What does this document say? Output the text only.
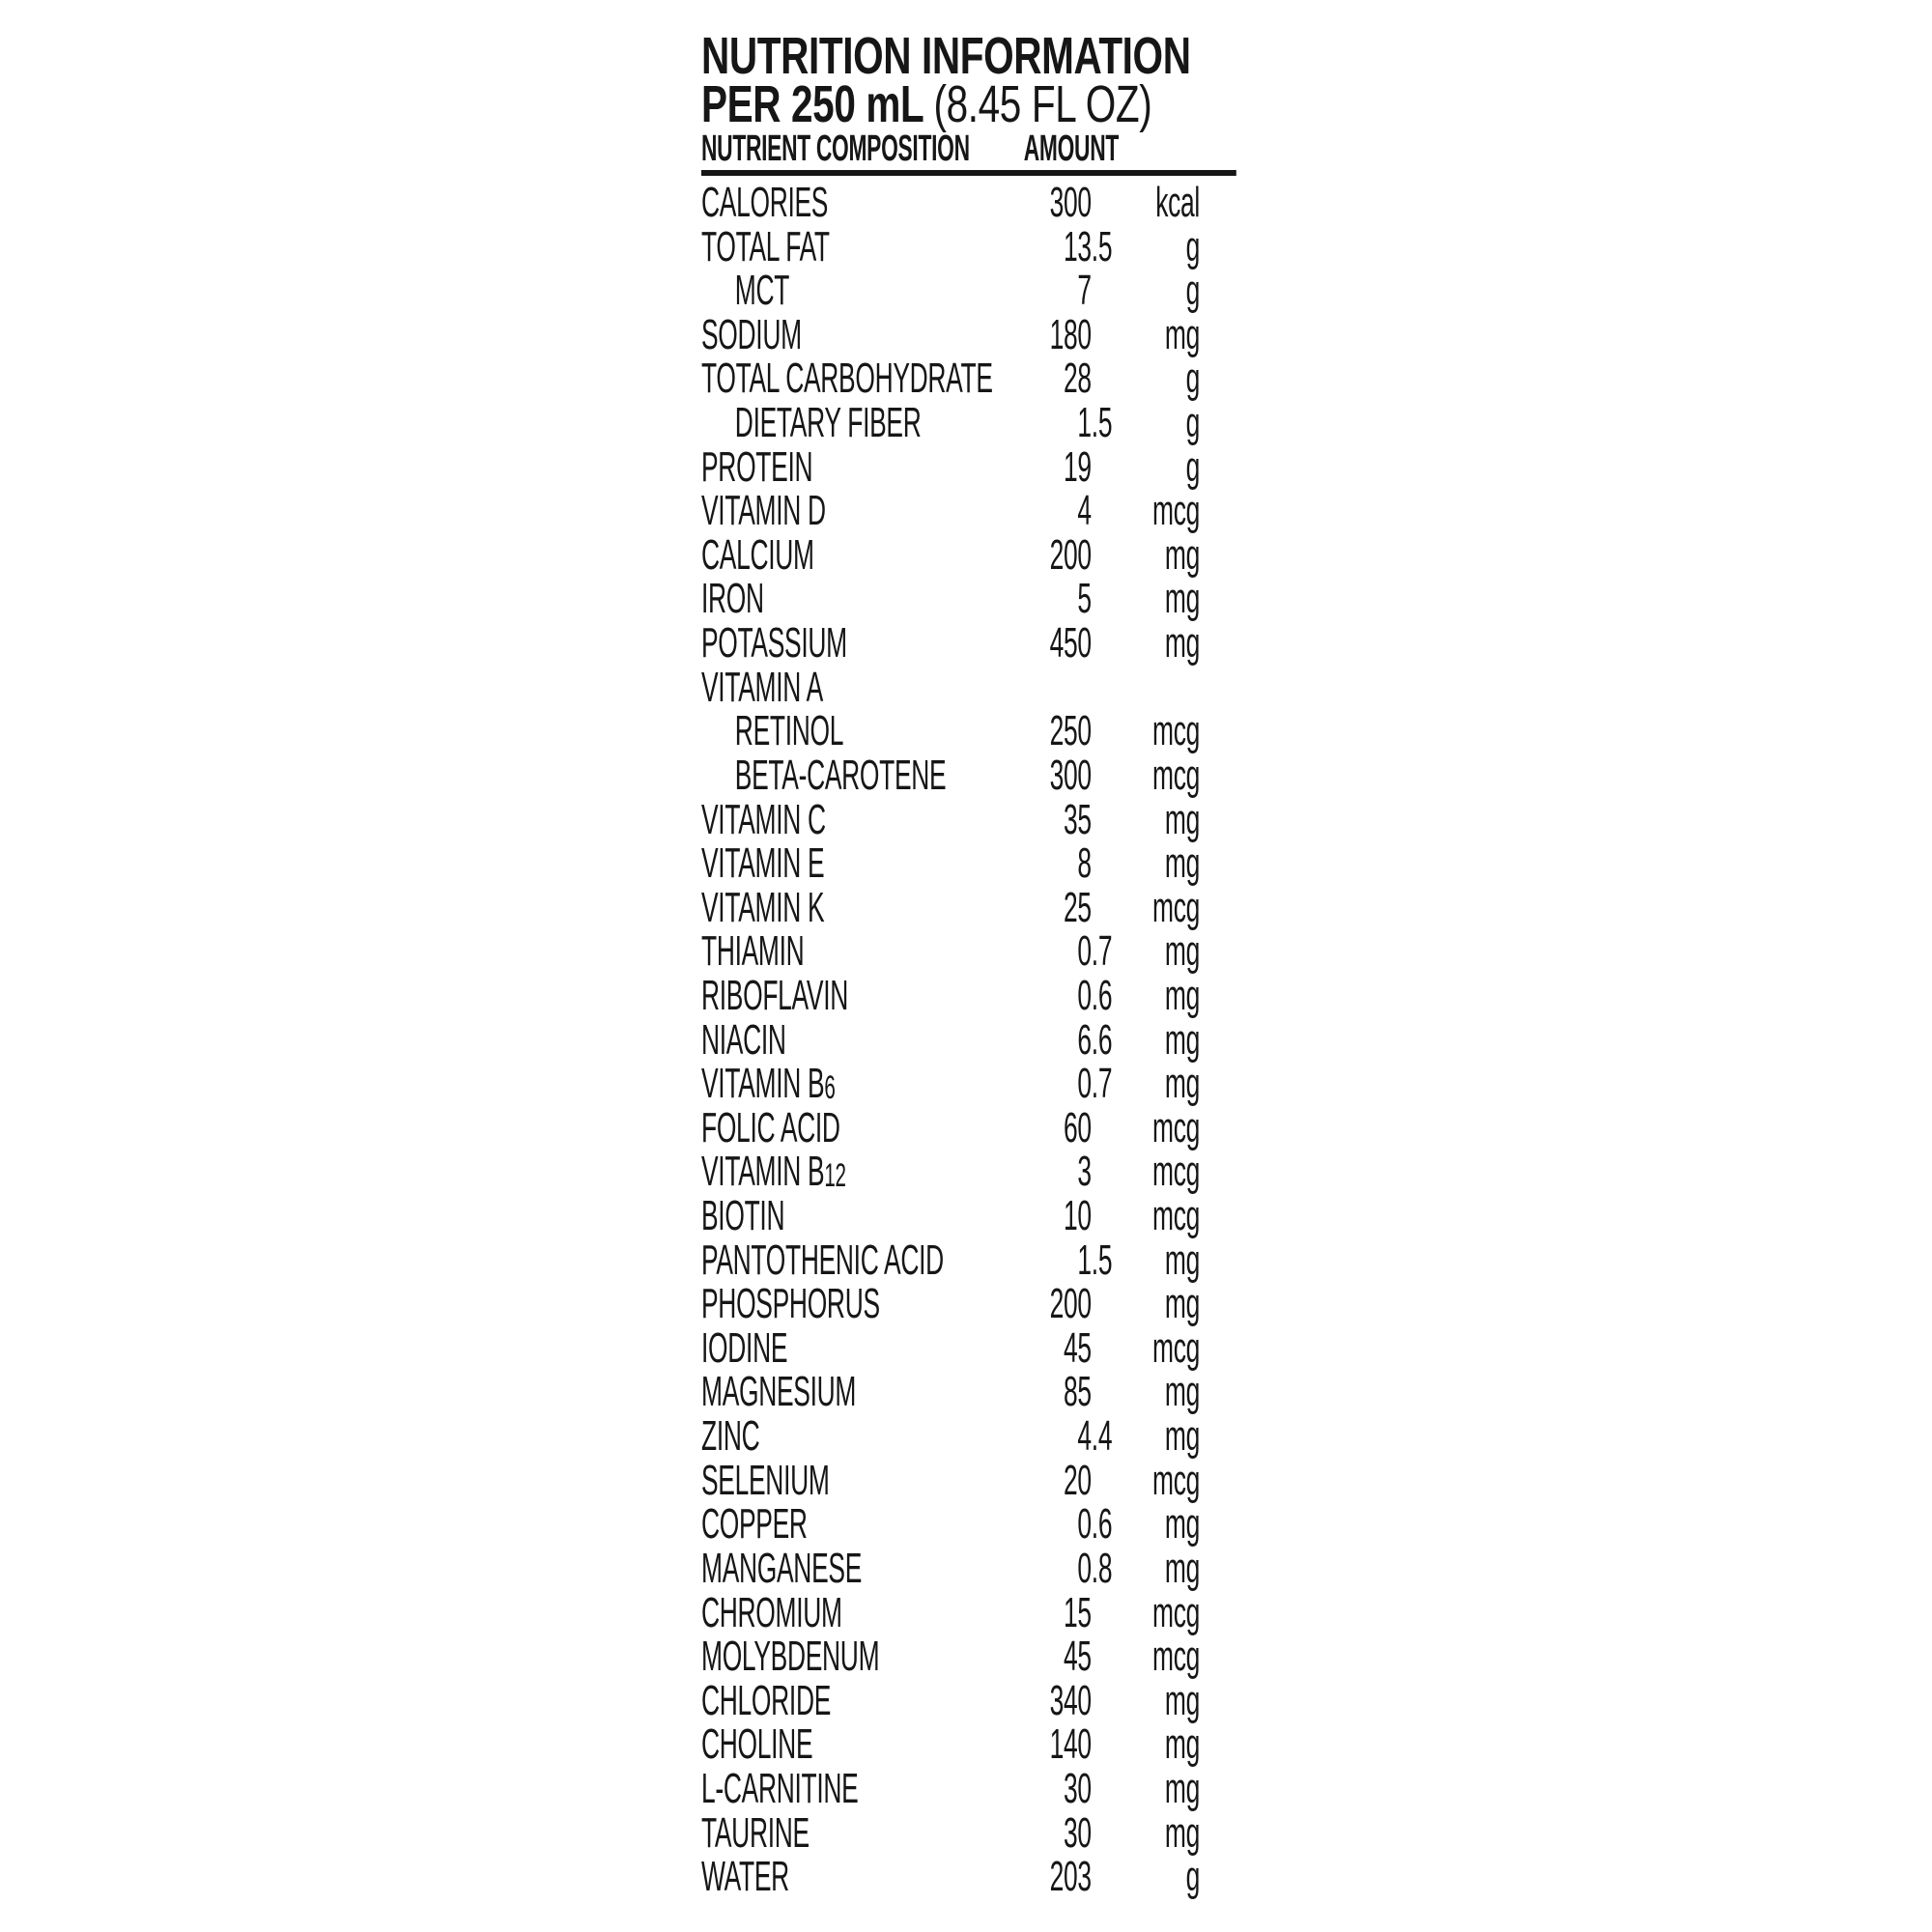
NUTRITION INFORMATION
PER 250 mL (8.45 FL OZ)
NUTRIENT COMPOSITION AMOUNT
CALORIES	300	kcal
TOTAL FAT	13 .5	g
MCT	7	g
SODIUM	180	mg
TOTAL CARBOHYDRATE	28	g
DIETARY FIBER	1 .5	g
PROTEIN	19	g
VITAMIN D	4	mcg
CALCIUM	200	mg
IRON	5	mg
POTASSIUM	450	mg
VITAMIN A
RETINOL	250	mcg
BETA-CAROTENE	300	mcg
VITAMIN C	35	mg
VITAMIN E	8	mg
VITAMIN K	25	mcg
THIAMIN	0 .7	mg
RIBOFLAVIN	0 .6	mg
NIACIN	6 .6	mg
VITAMIN B6	0 .7	mg
FOLIC ACID	60	mcg
VITAMIN B12	3	mcg
BIOTIN	10	mcg
PANTOTHENIC ACID	1 .5	mg
PHOSPHORUS	200	mg
IODINE	45	mcg
MAGNESIUM	85	mg
ZINC	4 .4	mg
SELENIUM	20	mcg
COPPER	0 .6	mg
MANGANESE	0 .8	mg
CHROMIUM	15	mcg
MOLYBDENUM	45	mcg
CHLORIDE	340	mg
CHOLINE	140	mg
L-CARNITINE	30	mg
TAURINE	30	mg
WATER	203	g
